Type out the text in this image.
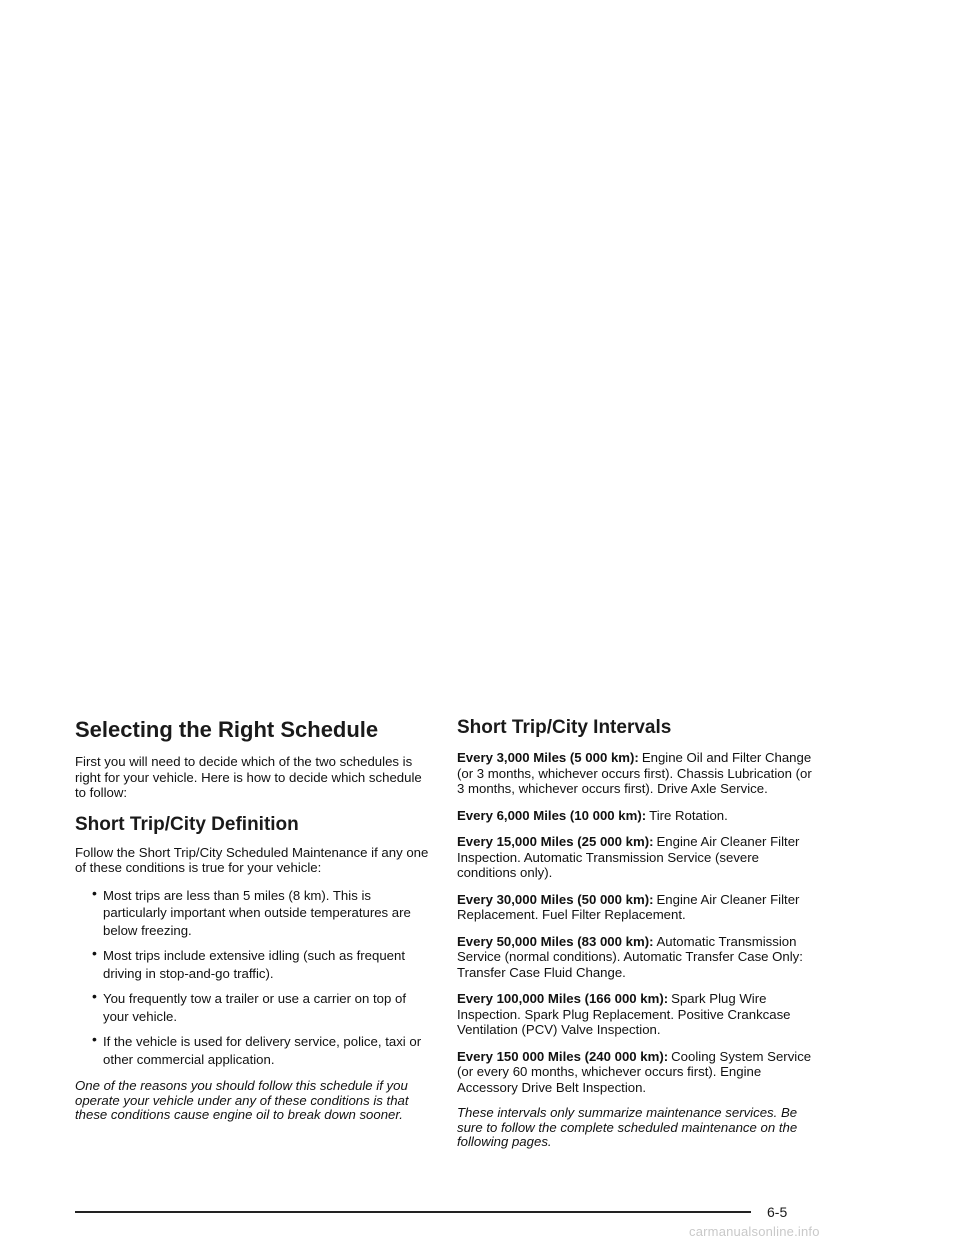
Selecting the Right Schedule

First you will need to decide which of the two schedules is right for your vehicle. Here is how to decide which schedule to follow:

Short Trip/City Definition

Follow the Short Trip/City Scheduled Maintenance if any one of these conditions is true for your vehicle:

• Most trips are less than 5 miles (8 km). This is particularly important when outside temperatures are below freezing.
• Most trips include extensive idling (such as frequent driving in stop-and-go traffic).
• You frequently tow a trailer or use a carrier on top of your vehicle.
• If the vehicle is used for delivery service, police, taxi or other commercial application.

One of the reasons you should follow this schedule if you operate your vehicle under any of these conditions is that these conditions cause engine oil to break down sooner.

Short Trip/City Intervals

Every 3,000 Miles (5 000 km): Engine Oil and Filter Change (or 3 months, whichever occurs first). Chassis Lubrication (or 3 months, whichever occurs first). Drive Axle Service.

Every 6,000 Miles (10 000 km): Tire Rotation.

Every 15,000 Miles (25 000 km): Engine Air Cleaner Filter Inspection. Automatic Transmission Service (severe conditions only).

Every 30,000 Miles (50 000 km): Engine Air Cleaner Filter Replacement. Fuel Filter Replacement.

Every 50,000 Miles (83 000 km): Automatic Transmission Service (normal conditions). Automatic Transfer Case Only: Transfer Case Fluid Change.

Every 100,000 Miles (166 000 km): Spark Plug Wire Inspection. Spark Plug Replacement. Positive Crankcase Ventilation (PCV) Valve Inspection.

Every 150 000 Miles (240 000 km): Cooling System Service (or every 60 months, whichever occurs first). Engine Accessory Drive Belt Inspection.

These intervals only summarize maintenance services. Be sure to follow the complete scheduled maintenance on the following pages.

6-5
carmanualsonline.info
